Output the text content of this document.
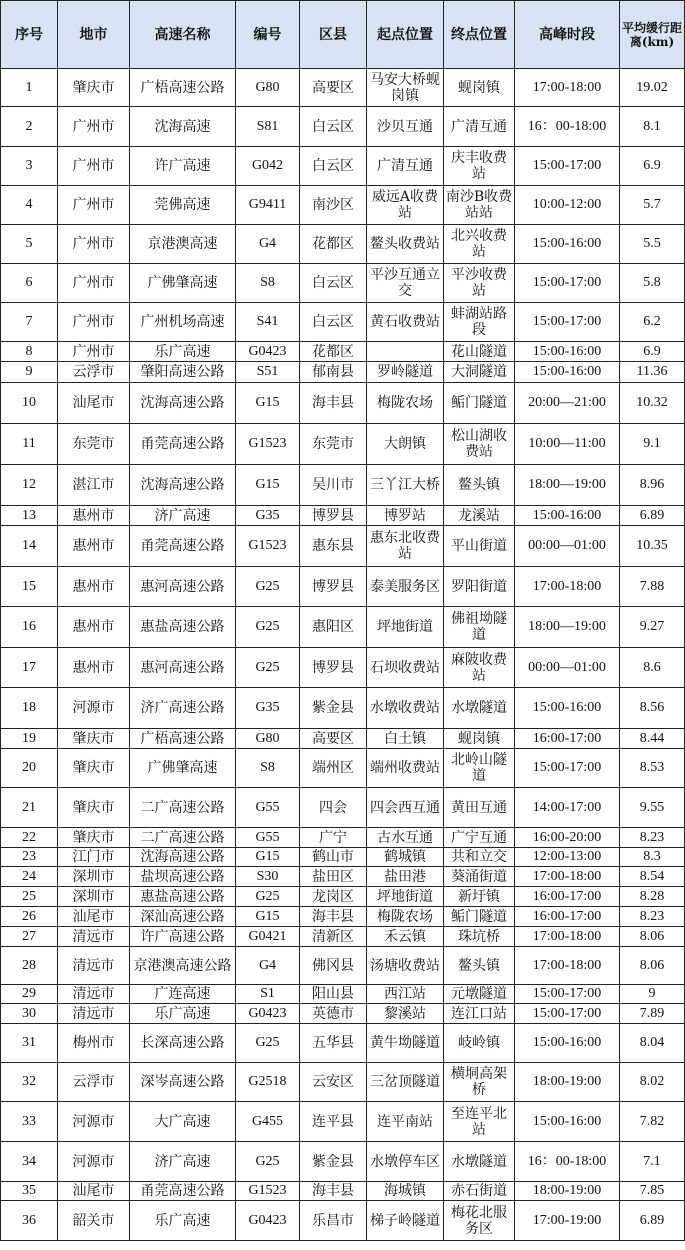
序号	地市	高速名称	编号	区县	起点位置	终点位置	高峰时段	平均缓行距离(km)
1	肇庆市	广梧高速公路	G80	高要区	马安大桥蚬岗镇	蚬岗镇	17:00-18:00	19.02
2	广州市	沈海高速	S81	白云区	沙贝互通	广清互通	16：00-18:00	8.1
3	广州市	许广高速	G042	白云区	广清互通	庆丰收费站	15:00-17:00	6.9
4	广州市	莞佛高速	G9411	南沙区	威远A收费站	南沙B收费站站	10:00-12:00	5.7
5	广州市	京港澳高速	G4	花都区	鳌头收费站	北兴收费站	15:00-16:00	5.5
6	广州市	广佛肇高速	S8	白云区	平沙互通立交	平沙收费站	15:00-17:00	5.8
7	广州市	广州机场高速	S41	白云区	黄石收费站	蚌湖站路段	15:00-17:00	6.2
8	广州市	乐广高速	G0423	花都区		花山隧道	15:00-16:00	6.9
9	云浮市	肇阳高速公路	S51	郁南县	罗岭隧道	大洞隧道	15:00-16:00	11.36
10	汕尾市	沈海高速公路	G15	海丰县	梅陇农场	鲘门隧道	20:00—21:00	10.32
11	东莞市	甬莞高速公路	G1523	东莞市	大朗镇	松山湖收费站	10:00—11:00	9.1
12	湛江市	沈海高速公路	G15	吴川市	三丫江大桥	鳌头镇	18:00—19:00	8.96
13	惠州市	济广高速	G35	博罗县	博罗站	龙溪站	15:00-16:00	6.89
14	惠州市	甬莞高速公路	G1523	惠东县	惠东北收费站	平山街道	00:00—01:00	10.35
15	惠州市	惠河高速公路	G25	博罗县	泰美服务区	罗阳街道	17:00-18:00	7.88
16	惠州市	惠盐高速公路	G25	惠阳区	坪地街道	佛祖坳隧道	18:00—19:00	9.27
17	惠州市	惠河高速公路	G25	博罗县	石坝收费站	麻陂收费站	00:00—01:00	8.6
18	河源市	济广高速公路	G35	紫金县	水墩收费站	水墩隧道	15:00-16:00	8.56
19	肇庆市	广梧高速公路	G80	高要区	白土镇	蚬岗镇	16:00-17:00	8.44
20	肇庆市	广佛肇高速	S8	端州区	端州收费站	北岭山隧道	15:00-17:00	8.53
21	肇庆市	二广高速公路	G55	四会	四会西互通	黄田互通	14:00-17:00	9.55
22	肇庆市	二广高速公路	G55	广宁	古水互通	广宁互通	16:00-20:00	8.23
23	江门市	沈海高速公路	G15	鹤山市	鹤城镇	共和立交	12:00-13:00	8.3
24	深圳市	盐坝高速公路	S30	盐田区	盐田港	葵涌街道	17:00-18:00	8.54
25	深圳市	惠盐高速公路	G25	龙岗区	坪地街道	新圩镇	16:00-17:00	8.28
26	汕尾市	深汕高速公路	G15	海丰县	梅陇农场	鲘门隧道	16:00-17:00	8.23
27	清远市	许广高速公路	G0421	清新区	禾云镇	珠坑桥	17:00-18:00	8.06
28	清远市	京港澳高速公路	G4	佛冈县	汤塘收费站	鳌头镇	17:00-18:00	8.06
29	清远市	广连高速	S1	阳山县	西江站	元墩隧道	15:00-17:00	9
30	清远市	乐广高速	G0423	英德市	黎溪站	连江口站	15:00-17:00	7.89
31	梅州市	长深高速公路	G25	五华县	黄牛坳隧道	岐岭镇	15:00-16:00	8.04
32	云浮市	深岑高速公路	G2518	云安区	三岔顶隧道	横垌高架桥	18:00-19:00	8.02
33	河源市	大广高速	G455	连平县	连平南站	至连平北站	15:00-16:00	7.82
34	河源市	济广高速	G25	紫金县	水墩停车区	水墩隧道	16：00-18:00	7.1
35	汕尾市	甬莞高速公路	G1523	海丰县	海城镇	赤石街道	18:00-19:00	7.85
36	韶关市	乐广高速	G0423	乐昌市	梯子岭隧道	梅花北服务区	17:00-19:00	6.89
